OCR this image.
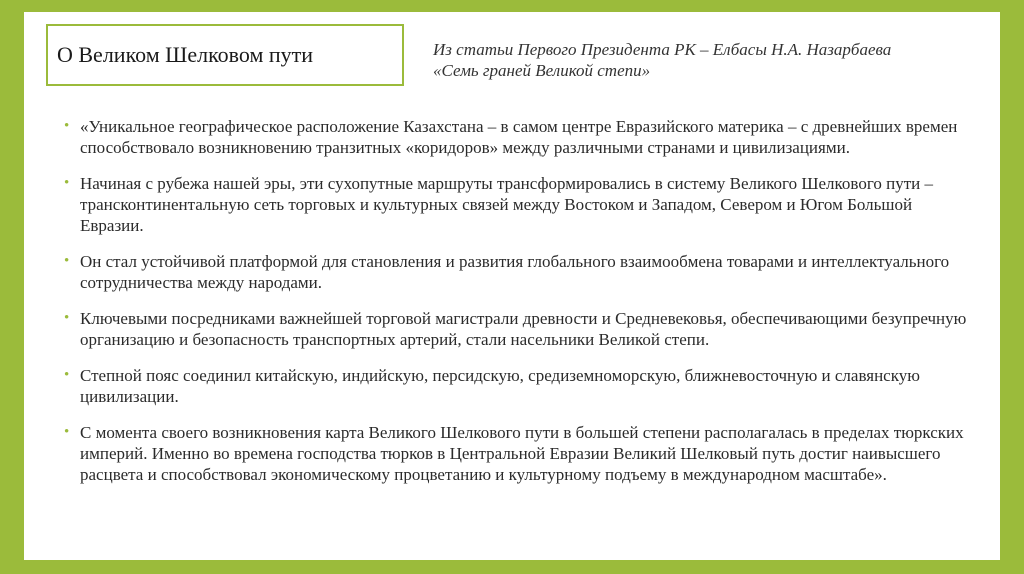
О Великом Шелковом пути	Из статьи Первого Президента РК – Елбасы Н.А. Назарбаева
«Семь граней Великой степи»
• «Уникальное географическое расположение Казахстана – в самом центре Евразийского материка – с древнейших времен способствовало возникновению транзитных «коридоров» между различными странами и цивилизациями.
• Начиная с рубежа нашей эры, эти сухопутные маршруты трансформировались в систему Великого Шелкового пути – трансконтинентальную сеть торговых и культурных связей между Востоком и Западом, Севером и Югом Большой Евразии.
• Он стал устойчивой платформой для становления и развития глобального взаимообмена товарами и интеллектуального сотрудничества между народами.
• Ключевыми посредниками важнейшей торговой магистрали древности и Средневековья, обеспечивающими безупречную организацию и безопасность транспортных артерий, стали насельники Великой степи.
• Степной пояс соединил китайскую, индийскую, персидскую, средиземноморскую, ближневосточную и славянскую цивилизации.
• С момента своего возникновения карта Великого Шелкового пути в большей степени располагалась в пределах тюркских империй. Именно во времена господства тюрков в Центральной Евразии Великий Шелковый путь достиг наивысшего расцвета и способствовал экономическому процветанию и культурному подъему в международном масштабе».
